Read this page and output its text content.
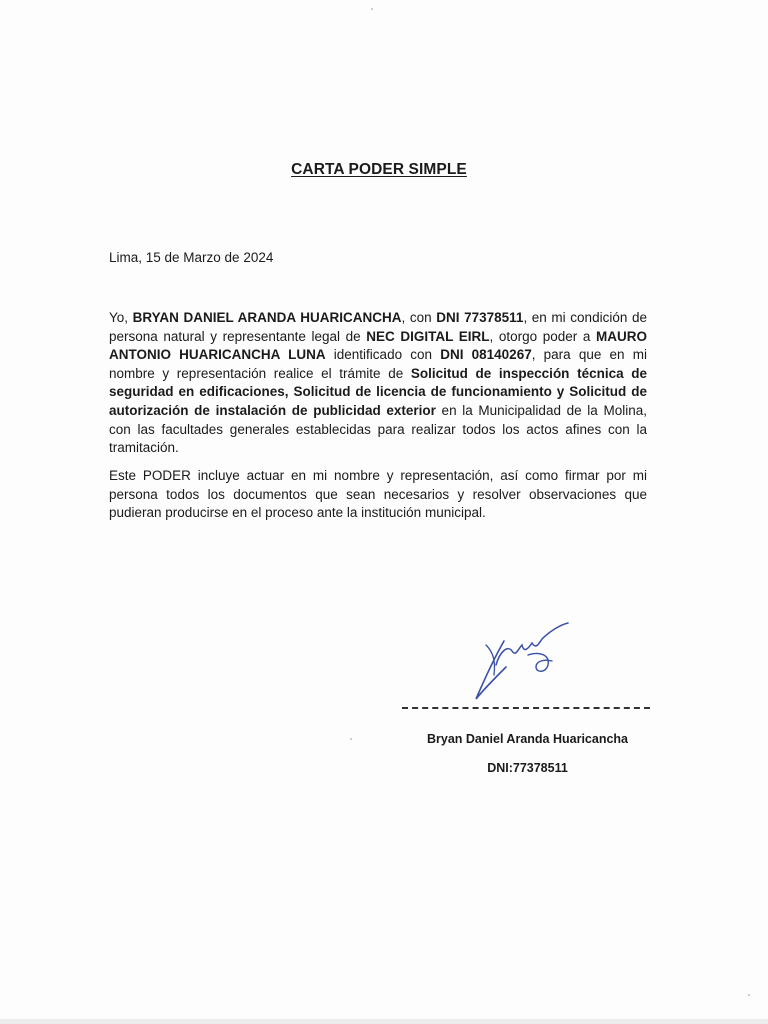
CARTA PODER SIMPLE
Lima, 15 de Marzo de 2024
Yo, BRYAN DANIEL ARANDA HUARICANCHA, con DNI 77378511, en mi condición de persona natural y representante legal de NEC DIGITAL EIRL, otorgo poder a MAURO ANTONIO HUARICANCHA LUNA identificado con DNI 08140267, para que en mi nombre y representación realice el trámite de Solicitud de inspección técnica de seguridad en edificaciones, Solicitud de licencia de funcionamiento y Solicitud de autorización de instalación de publicidad exterior en la Municipalidad de la Molina, con las facultades generales establecidas para realizar todos los actos afines con la tramitación.
Este PODER incluye actuar en mi nombre y representación, así como firmar por mi persona todos los documentos que sean necesarios y resolver observaciones que pudieran producirse en el proceso ante la institución municipal.
Bryan Daniel Aranda Huaricancha
DNI:77378511
